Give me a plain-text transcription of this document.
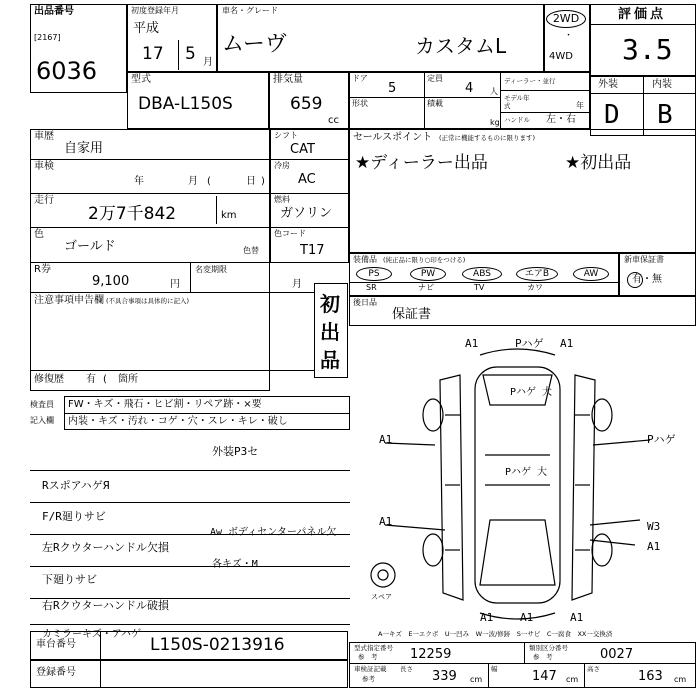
出品番号
[2167]
6036
初度登録年月
平成
17 5 月
車名・グレード
ムーヴ	カスタムL
2WD
・
4WD
評価点
3.5
外装	内装
D B
型式
DBA-L150S
排気量
659
cc
ドア
5
定員
4 人
形状	積載
kg
ディーラー・並行
モデル年式	年
ハンドル 左・右
車歴
自家用
車検
年	月 (	日 )
走行
2万7千842	km
色
ゴールド	色替
R券
9,100	円
名変期限
月
注意事項申告欄 (不具合事項は具体的に記入)	初出品
修復歴 有 ( 箇所
シフト
CAT
冷房
AC
燃料
ガソリン
色コード
T17
セールスポイント (正常に機能するものに限ります)
★ディーラー出品	★初出品
装備品 (純正品に限り○印をつける)
PS	PW	ABS	エアB	AW
SR	ナビ	TV	カワ
新車保証書
有・無
後日品
保証書
検査員
記入欄
FW・キズ・飛石・ヒビ割・リペア跡・×要
内装・キズ・汚れ・コゲ・穴・スレ・キレ・破し
外装P3セ
RスポアハゲЯ
F/R廻りサビ
左Rクウターハンドル欠損
下廻りサビ
右Rクウターハンドル破損
カミラーキズ・アハゲ
Aw ボディセンターパネル欠
各キズ・M
スペア
A1	Pハゲ A1
Pハゲ 大
A1	Pハゲ
Pハゲ 大
A1	W3
A1
A1 A1	A1
A一キズ　E一エクボ　U一凹み　W一波/修跡　S一サビ　C一腐食　XX一交換済
車台番号	L150S-0213916
登録番号
型式指定番号
参　考	12259	類別区分番号
参　考	0027
車検証記載
参考
長さ 339 cm
幅	147 cm
高さ	163 cm
